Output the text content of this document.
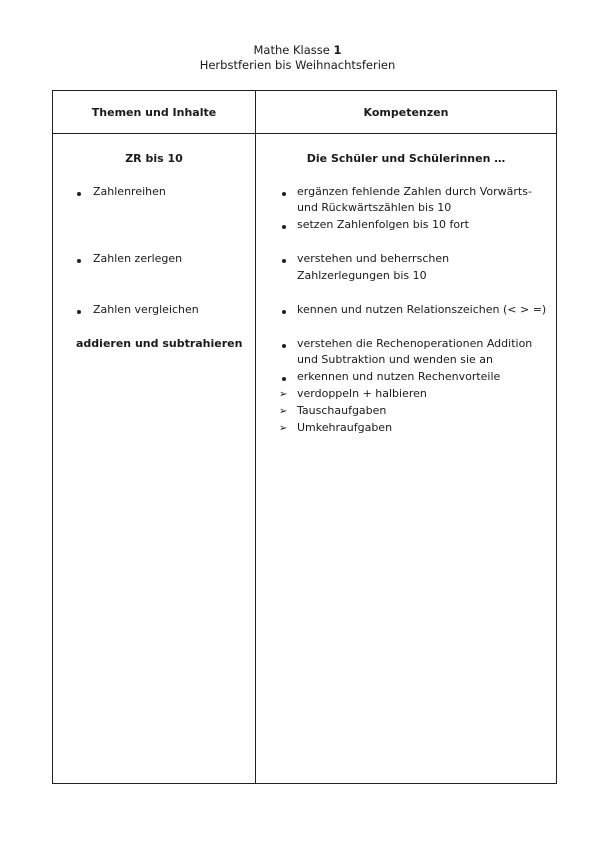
Mathe Klasse 1
Herbstferien bis Weihnachtsferien
Themen und Inhalte	Kompetenzen
ZR bis 10
Zahlenreihen
Zahlen zerlegen
Zahlen vergleichen
addieren und subtrahieren
Die Schüler und Schülerinnen …
ergänzen fehlende Zahlen durch Vorwärts-
und Rückwärtszählen bis 10
setzen Zahlenfolgen bis 10 fort
verstehen und beherrschen
Zahlzerlegungen bis 10
kennen und nutzen Relationszeichen (< > =)
verstehen die Rechenoperationen Addition
und Subtraktion und wenden sie an
erkennen und nutzen Rechenvorteile
➢ verdoppeln + halbieren
➢ Tauschaufgaben
➢ Umkehraufgaben
